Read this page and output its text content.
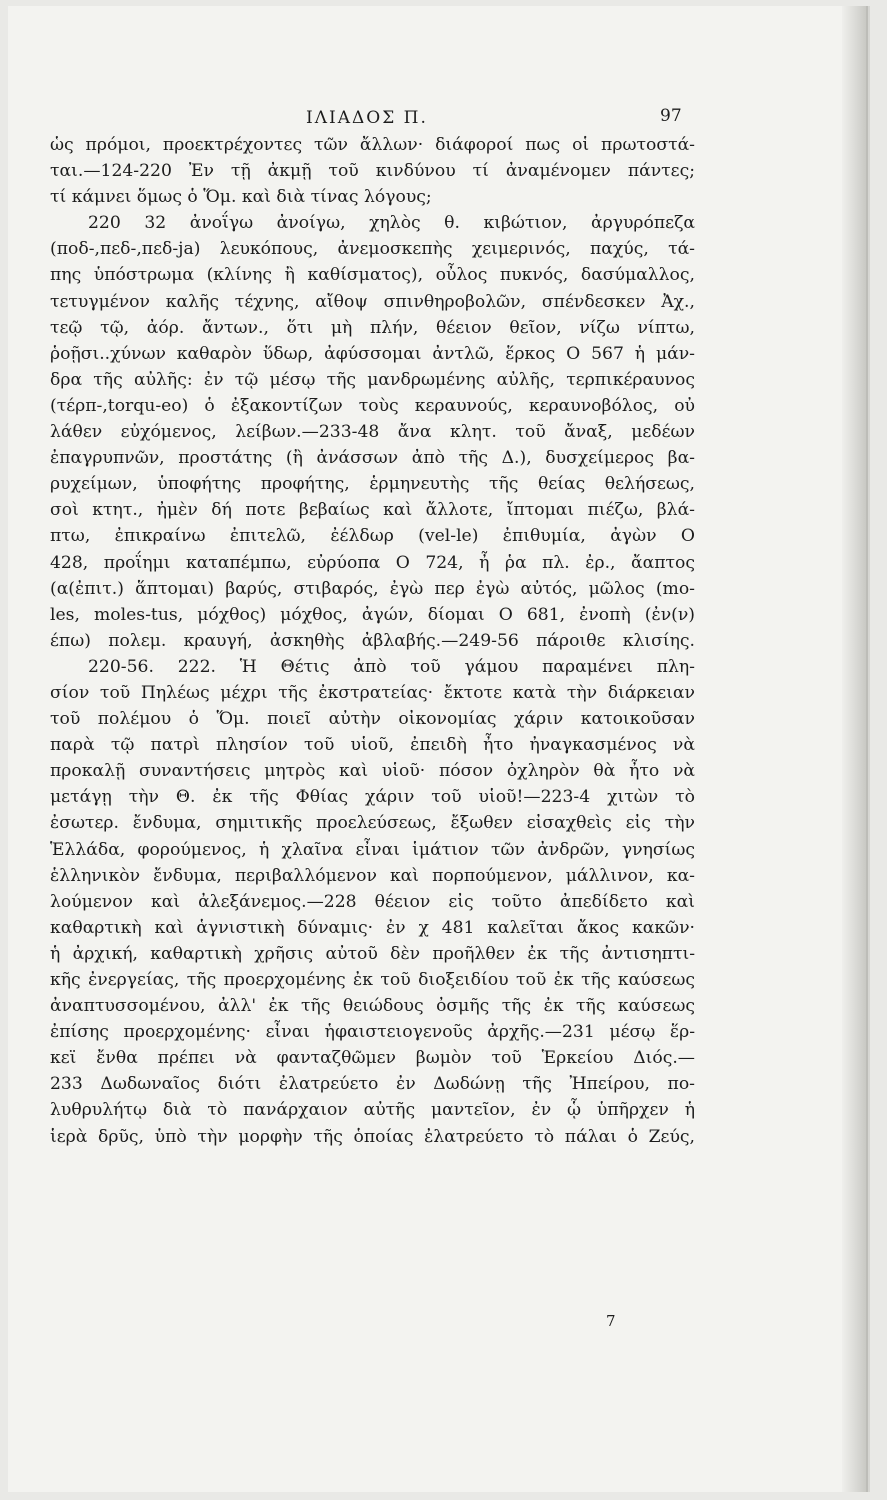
ΙΛΙΑΔΟΣ Π.	97
ὡς πρόμοι, προεκτρέχοντες τῶν ἄλλων· διάφοροί πως οἱ πρωτοστά-
ται.—124-220 Ἐν τῇ ἀκμῇ τοῦ κινδύνου τί ἀναμένομεν πάντες;
τί κάμνει ὅμως ὁ Ὅμ. καὶ διὰ τίνας λόγους;
220 32 ἀνοΐγω ἀνοίγω, χηλὸς θ. κιβώτιον, ἀργυρόπεζα
(ποδ-,πεδ-,πεδ-ja) λευκόπους, ἀνεμοσκεπὴς χειμερινός, παχύς, τά-
πης ὑπόστρωμα (κλίνης ἢ καθίσματος), οὖλος πυκνός, δασύμαλλος,
τετυγμένον καλῆς τέχνης, αἴθοψ σπινθηροβολῶν, σπένδεσκεν Ἀχ.,
τεῷ τῷ, ἀόρ. ἄντων., ὅτι μὴ πλήν, θέειον θεῖον, νίζω νίπτω,
ῥοῇσι..χύνων καθαρὸν ὕδωρ, ἀφύσσομαι ἀντλῶ, ἕρκος Ο 567 ἡ μάν-
δρα τῆς αὐλῆς: ἐν τῷ μέσῳ τῆς μανδρωμένης αὐλῆς, τερπικέραυνος
(τέρπ-,torqu-eo) ὁ ἐξακοντίζων τοὺς κεραυνούς, κεραυνοβόλος, οὐ
λάθεν εὐχόμενος, λείβων.—233-48 ἄνα κλητ. τοῦ ἄναξ, μεδέων
ἐπαγρυπνῶν, προστάτης (ἢ ἀνάσσων ἀπὸ τῆς Δ.), δυσχείμερος βα-
ρυχείμων, ὑποφήτης προφήτης, ἑρμηνευτὴς τῆς θείας θελήσεως,
σοὶ κτητ., ἠμὲν δή ποτε βεβαίως καὶ ἄλλοτε, ἴπτομαι πιέζω, βλά-
πτω, ἐπικραίνω ἐπιτελῶ, ἐέλδωρ (vel-le) ἐπιθυμία, ἀγὼν Ο
428, προΐημι καταπέμπω, εὐρύοπα Ο 724, ἦ ῥα πλ. ἐρ., ἄαπτος
(α(ἐπιτ.) ἅπτομαι) βαρύς, στιβαρός, ἐγὼ περ ἐγὼ αὐτός, μῶλος (mo-
les, moles-tus, μόχθος) μόχθος, ἀγών, δίομαι Ο 681, ἐνοπὴ (ἐν(ν)
έπω) πολεμ. κραυγή, ἀσκηθὴς ἀβλαβής.—249-56 πάροιθε κλισίης.
220-56. 222. Ἡ Θέτις ἀπὸ τοῦ γάμου παραμένει πλη-
σίον τοῦ Πηλέως μέχρι τῆς ἐκστρατείας· ἔκτοτε κατὰ τὴν διάρκειαν
τοῦ πολέμου ὁ Ὅμ. ποιεῖ αὐτὴν οἰκονομίας χάριν κατοικοῦσαν
παρὰ τῷ πατρὶ πλησίον τοῦ υἱοῦ, ἐπειδὴ ἦτο ἠναγκασμένος νὰ
προκαλῇ συναντήσεις μητρὸς καὶ υἱοῦ· πόσον ὀχληρὸν θὰ ἦτο νὰ
μετάγῃ τὴν Θ. ἐκ τῆς Φθίας χάριν τοῦ υἱοῦ!—223-4 χιτὼν τὸ
ἐσωτερ. ἔνδυμα, σημιτικῆς προελεύσεως, ἔξωθεν εἰσαχθεὶς εἰς τὴν
Ἑλλάδα, φορούμενος, ἡ χλαῖνα εἶναι ἱμάτιον τῶν ἀνδρῶν, γνησίως
ἑλληνικὸν ἔνδυμα, περιβαλλόμενον καὶ πορπούμενον, μάλλινον, κα-
λούμενον καὶ ἀλεξάνεμος.—228 θέειον εἰς τοῦτο ἀπεδίδετο καὶ
καθαρτικὴ καὶ ἁγνιστικὴ δύναμις· ἐν χ 481 καλεῖται ἄκος κακῶν·
ἡ ἀρχική, καθαρτικὴ χρῆσις αὐτοῦ δὲν προῆλθεν ἐκ τῆς ἀντισηπτι-
κῆς ἐνεργείας, τῆς προερχομένης ἐκ τοῦ διοξειδίου τοῦ ἐκ τῆς καύσεως
ἀναπτυσσομένου, ἀλλ' ἐκ τῆς θειώδους ὀσμῆς τῆς ἐκ τῆς καύσεως
ἐπίσης προερχομένης· εἶναι ἡφαιστειογενοῦς ἀρχῆς.—231 μέσῳ ἕρ-
κεϊ ἔνθα πρέπει νὰ φανταζθῶμεν βωμὸν τοῦ Ἑρκείου Διός.—
233 Δωδωναῖος διότι ἐλατρεύετο ἐν Δωδώνῃ τῆς Ἠπείρου, πο-
λυθρυλήτῳ διὰ τὸ πανάρχαιον αὐτῆς μαντεῖον, ἐν ᾧ ὑπῆρχεν ἡ
ἱερὰ δρῦς, ὑπὸ τὴν μορφὴν τῆς ὁποίας ἐλατρεύετο τὸ πάλαι ὁ Ζεύς,
7
